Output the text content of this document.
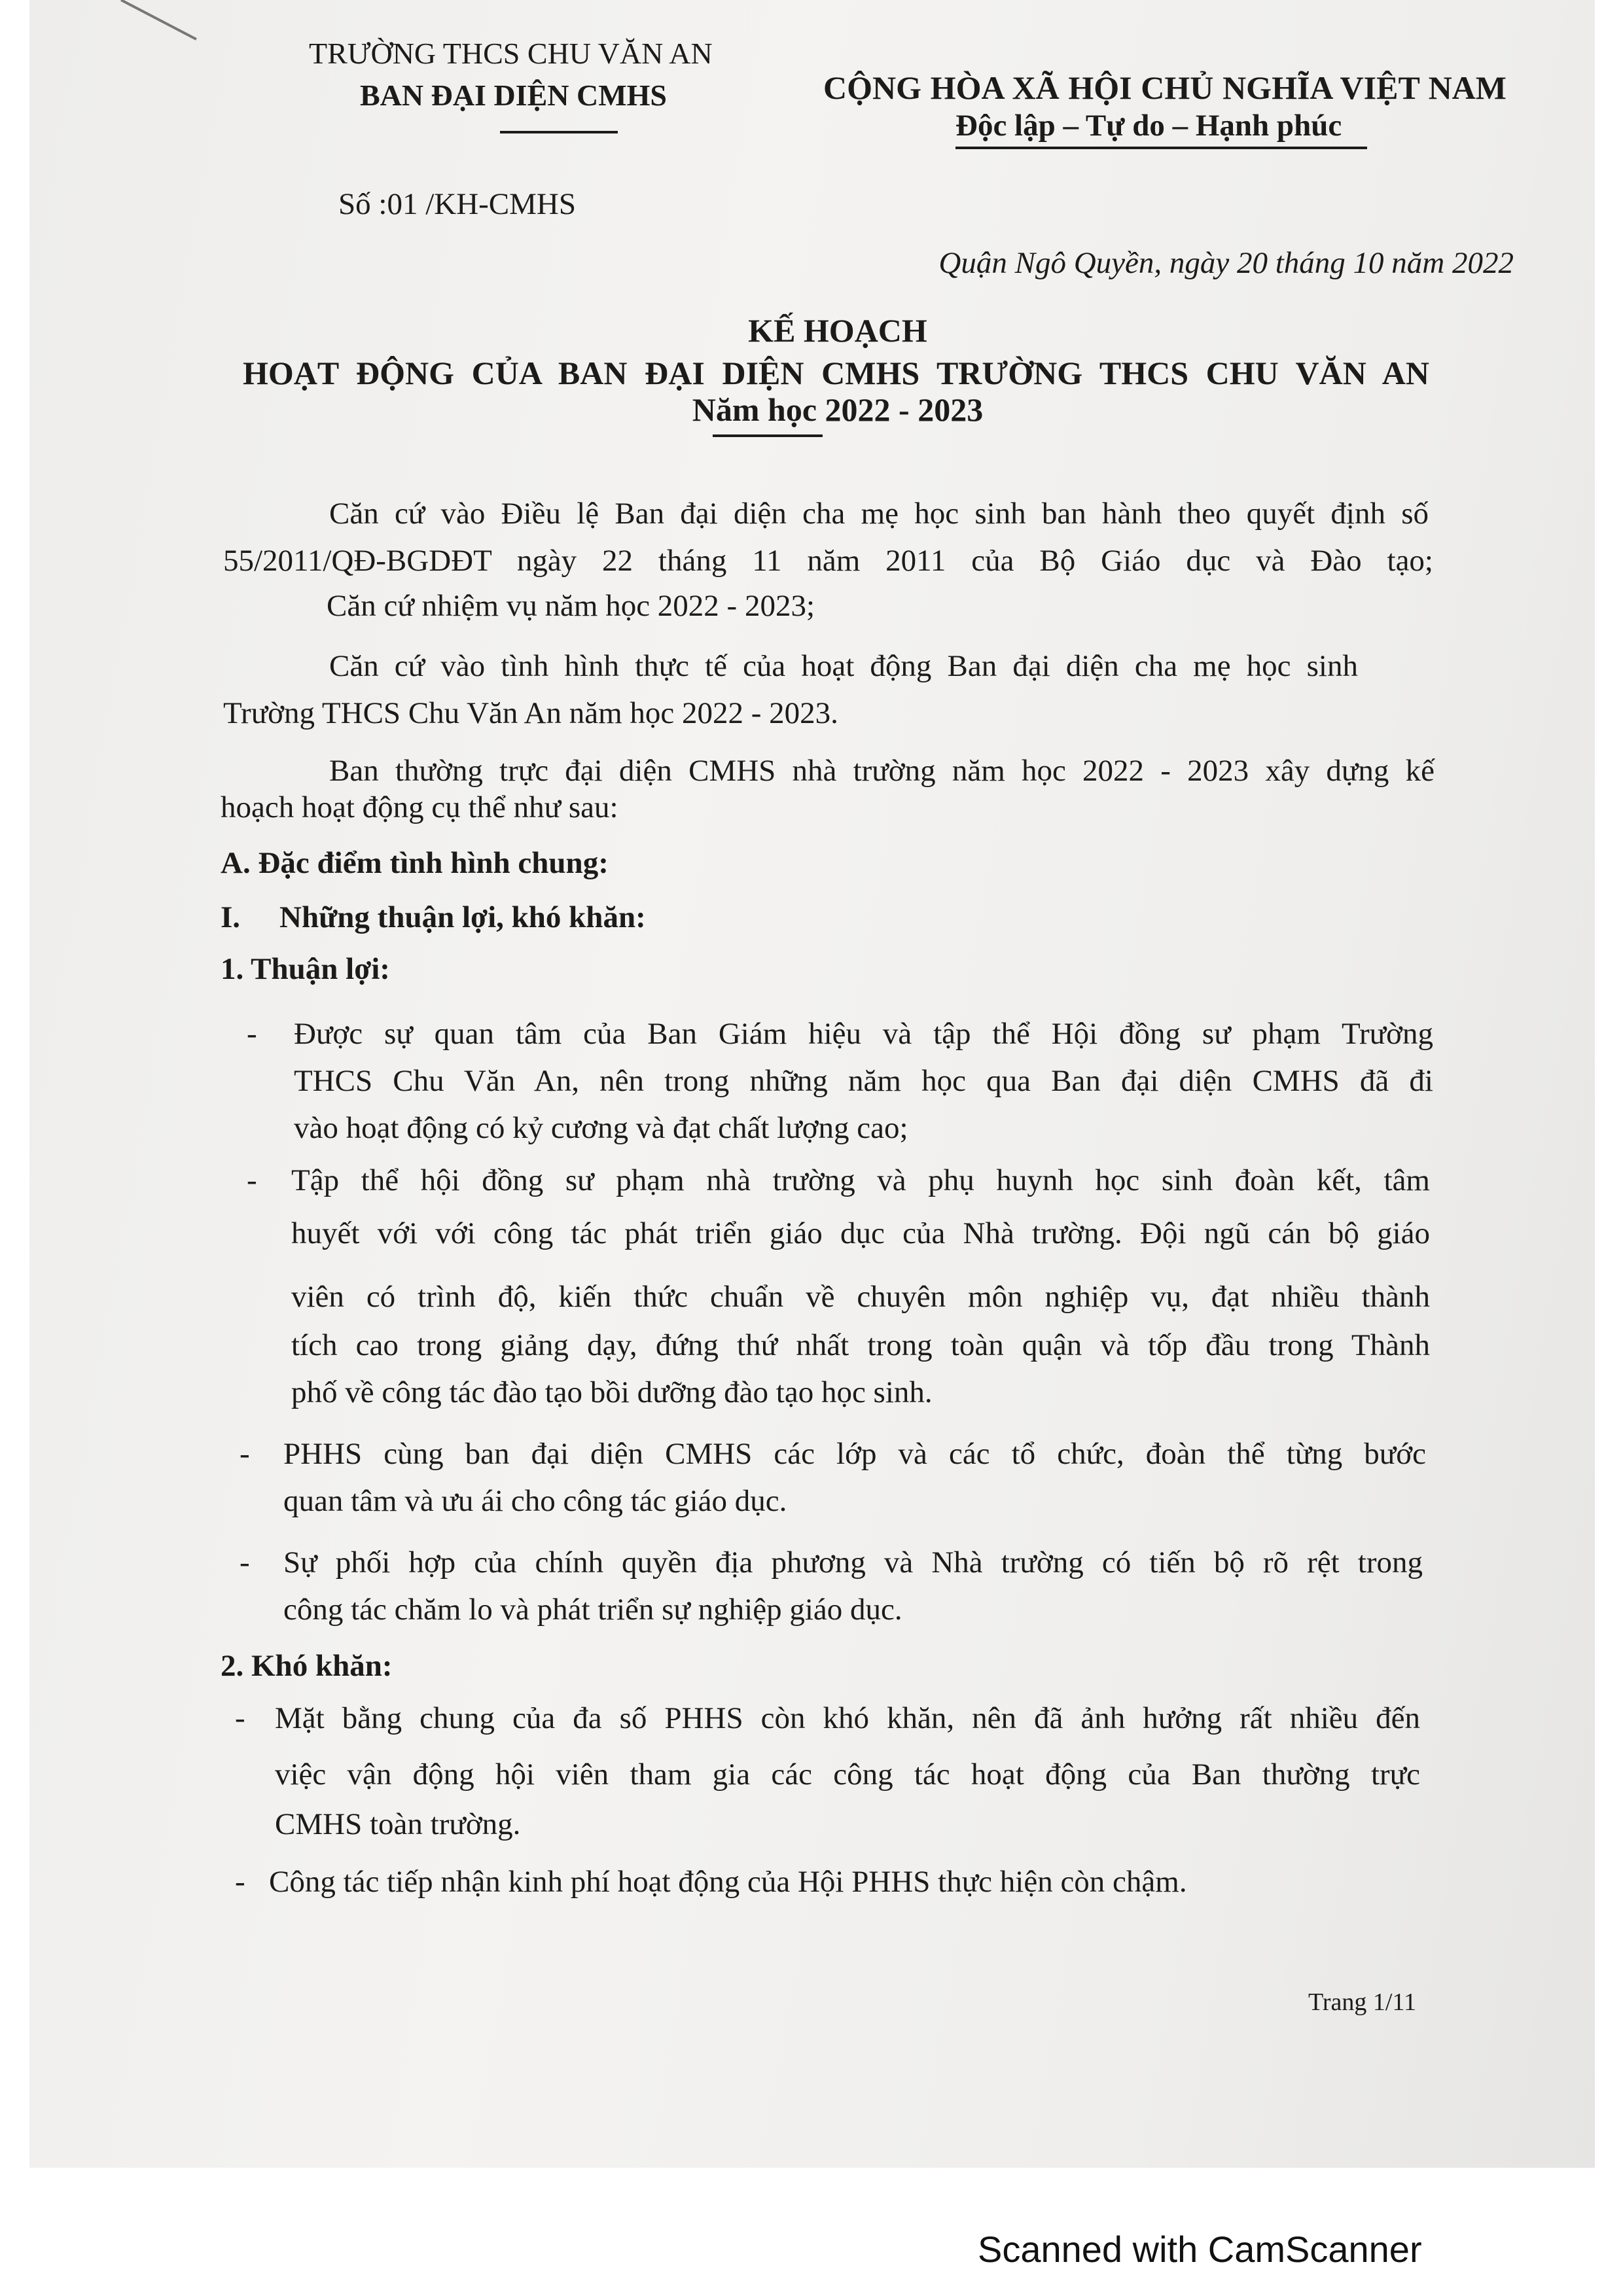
TRƯỜNG THCS CHU VĂN AN
BAN ĐẠI DIỆN CMHS	CỘNG HÒA XÃ HỘI CHỦ NGHĨA VIỆT NAM
Độc lập – Tự do – Hạnh phúc
Số :01 /KH-CMHS
Quận Ngô Quyền, ngày 20 tháng 10 năm 2022
KẾ HOẠCH
HOẠT ĐỘNG CỦA BAN ĐẠI DIỆN CMHS TRƯỜNG THCS CHU VĂN AN
Năm học 2022 - 2023
Căn cứ vào Điều lệ Ban đại diện cha mẹ học sinh ban hành theo quyết định số
55/2011/QĐ-BGDĐT ngày 22 tháng 11 năm 2011 của Bộ Giáo dục và Đào tạo;
Căn cứ nhiệm vụ năm học 2022 - 2023;
Căn cứ vào tình hình thực tế của hoạt động Ban đại diện cha mẹ học sinh
Trường THCS Chu Văn An năm học 2022 - 2023.
Ban thường trực đại diện CMHS nhà trường năm học 2022 - 2023 xây dựng kế
hoạch hoạt động cụ thể như sau:
A. Đặc điểm tình hình chung:
I. Những thuận lợi, khó khăn:
1. Thuận lợi:
- Được sự quan tâm của Ban Giám hiệu và tập thể Hội đồng sư phạm Trường
THCS Chu Văn An, nên trong những năm học qua Ban đại diện CMHS đã đi
vào hoạt động có kỷ cương và đạt chất lượng cao;
- Tập thể hội đồng sư phạm nhà trường và phụ huynh học sinh đoàn kết, tâm
huyết với với công tác phát triển giáo dục của Nhà trường. Đội ngũ cán bộ giáo
viên có trình độ, kiến thức chuẩn về chuyên môn nghiệp vụ, đạt nhiều thành
tích cao trong giảng dạy, đứng thứ nhất trong toàn quận và tốp đầu trong Thành
phố về công tác đào tạo bồi dưỡng đào tạo học sinh.
- PHHS cùng ban đại diện CMHS các lớp và các tổ chức, đoàn thể từng bước
quan tâm và ưu ái cho công tác giáo dục.
- Sự phối hợp của chính quyền địa phương và Nhà trường có tiến bộ rõ rệt trong
công tác chăm lo và phát triển sự nghiệp giáo dục.
2. Khó khăn:
- Mặt bằng chung của đa số PHHS còn khó khăn, nên đã ảnh hưởng rất nhiều đến
việc vận động hội viên tham gia các công tác hoạt động của Ban thường trực
CMHS toàn trường.
- Công tác tiếp nhận kinh phí hoạt động của Hội PHHS thực hiện còn chậm.
Trang 1/11
Scanned with CamScanner
